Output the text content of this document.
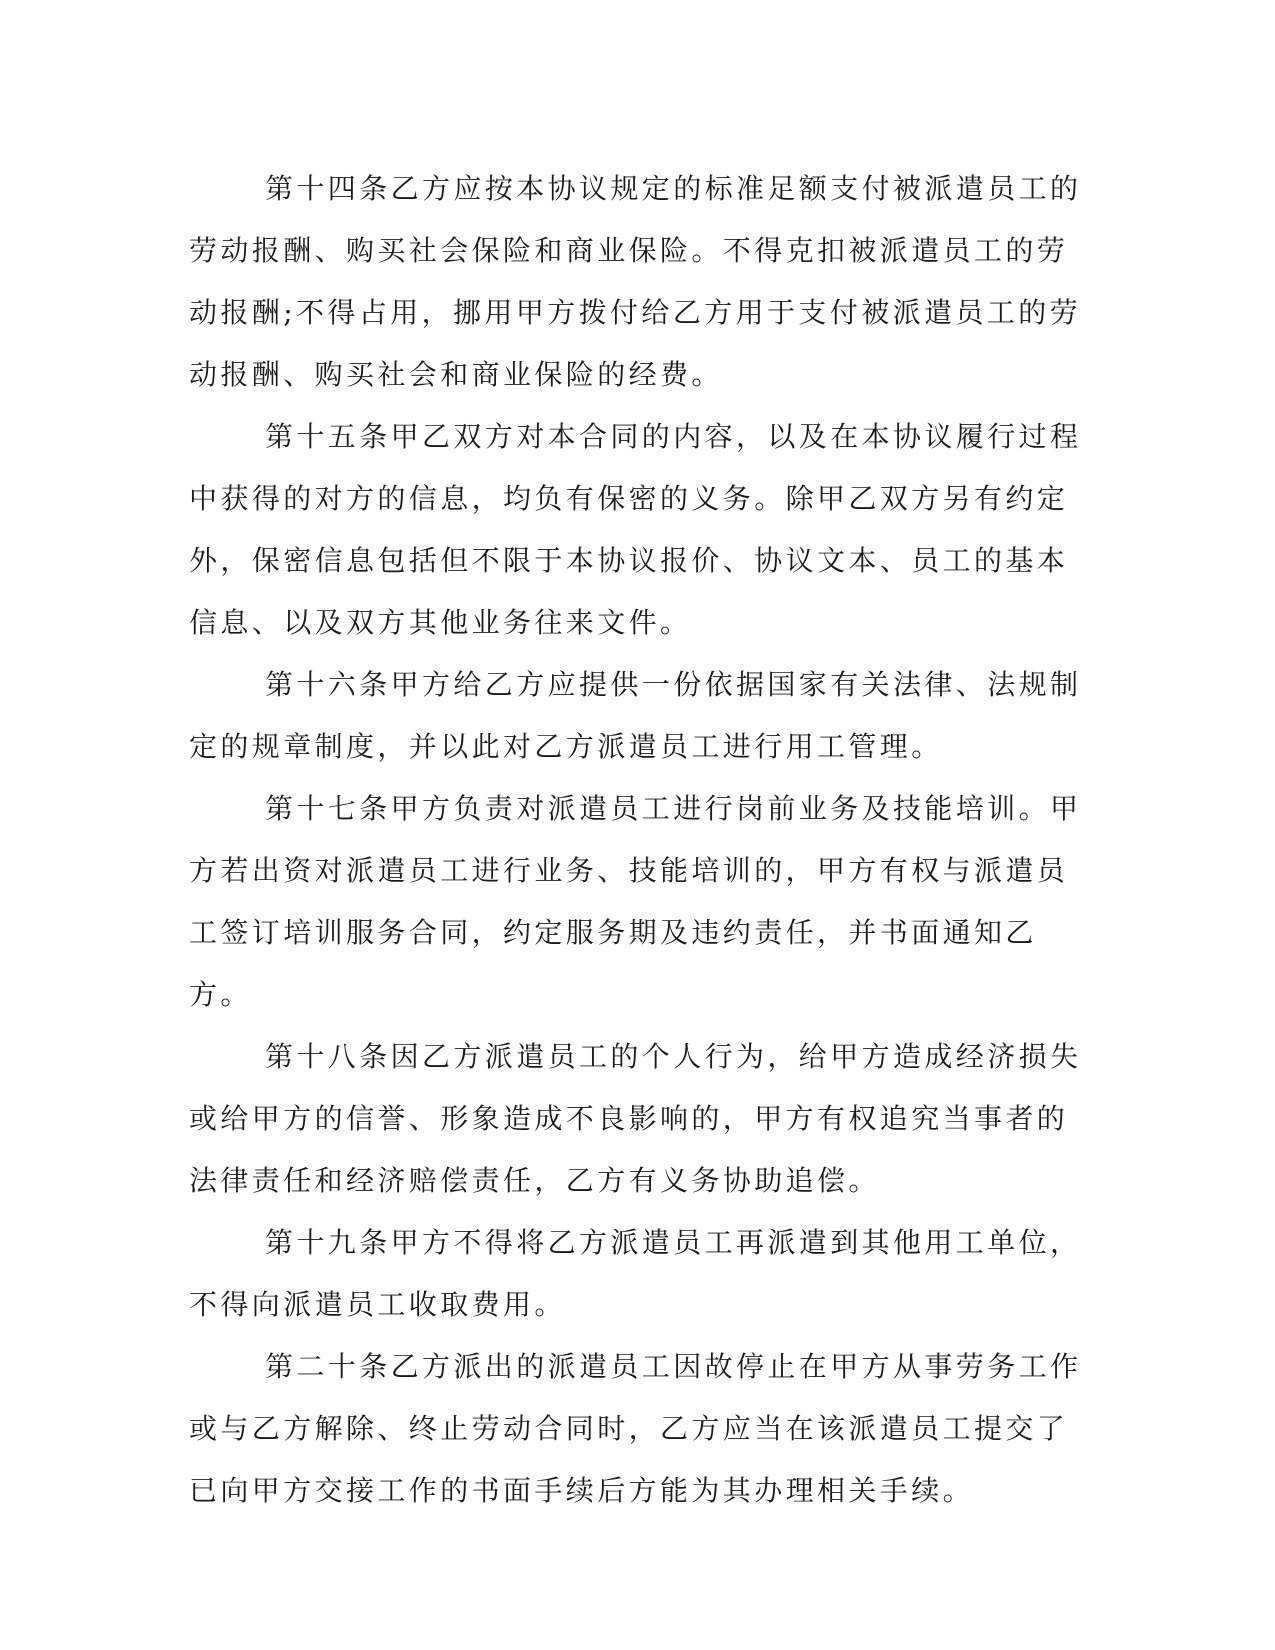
第十四条乙方应按本协议规定的标准足额支付被派遣员工的劳动报酬、购买社会保险和商业保险。不得克扣被派遣员工的劳动报酬;不得占用，挪用甲方拨付给乙方用于支付被派遣员工的劳动报酬、购买社会和商业保险的经费。

第十五条甲乙双方对本合同的内容，以及在本协议履行过程中获得的对方的信息，均负有保密的义务。除甲乙双方另有约定外，保密信息包括但不限于本协议报价、协议文本、员工的基本信息、以及双方其他业务往来文件。

第十六条甲方给乙方应提供一份依据国家有关法律、法规制定的规章制度，并以此对乙方派遣员工进行用工管理。

第十七条甲方负责对派遣员工进行岗前业务及技能培训。甲方若出资对派遣员工进行业务、技能培训的，甲方有权与派遣员工签订培训服务合同，约定服务期及违约责任，并书面通知乙方。

第十八条因乙方派遣员工的个人行为，给甲方造成经济损失或给甲方的信誉、形象造成不良影响的，甲方有权追究当事者的法律责任和经济赔偿责任，乙方有义务协助追偿。

第十九条甲方不得将乙方派遣员工再派遣到其他用工单位，不得向派遣员工收取费用。

第二十条乙方派出的派遣员工因故停止在甲方从事劳务工作或与乙方解除、终止劳动合同时，乙方应当在该派遣员工提交了已向甲方交接工作的书面手续后方能为其办理相关手续。
